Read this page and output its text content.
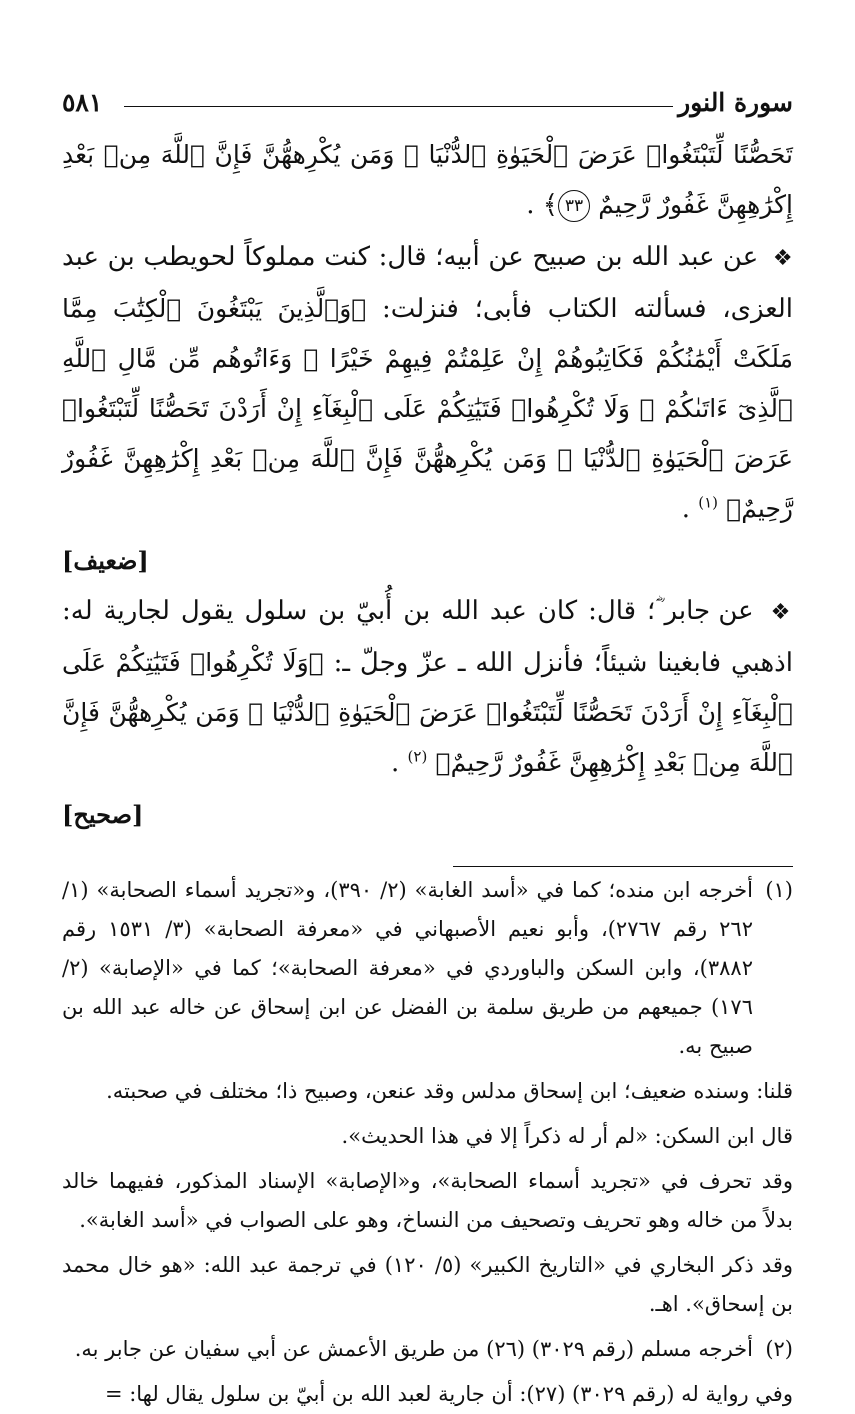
سورة النور
٥٨١

تَحَصُّنًا لِّتَبْتَغُوا۟ عَرَضَ ٱلْحَيَوٰةِ ٱلدُّنْيَا ۚ وَمَن يُكْرِههُّنَّ فَإِنَّ ٱللَّهَ مِنۢ بَعْدِ إِكْرَٰهِهِنَّ غَفُورٌ رَّحِيمٌ ٣٣﴾ .

❖ عن عبد الله بن صبيح عن أبيه؛ قال: كنت مملوكاً لحويطب بن عبد العزى، فسألته الكتاب فأبى؛ فنزلت: ﴿وَٱلَّذِينَ يَبْتَغُونَ ٱلْكِتَٰبَ مِمَّا مَلَكَتْ أَيْمَٰنُكُمْ فَكَاتِبُوهُمْ إِنْ عَلِمْتُمْ فِيهِمْ خَيْرًا ۖ وَءَاتُوهُم مِّن مَّالِ ٱللَّهِ ٱلَّذِىٓ ءَاتَىٰكُمْ ۚ وَلَا تُكْرِهُوا۟ فَتَيَٰتِكُمْ عَلَى ٱلْبِغَآءِ إِنْ أَرَدْنَ تَحَصُّنًا لِّتَبْتَغُوا۟ عَرَضَ ٱلْحَيَوٰةِ ٱلدُّنْيَا ۚ وَمَن يُكْرِههُّنَّ فَإِنَّ ٱللَّهَ مِنۢ بَعْدِ إِكْرَٰهِهِنَّ غَفُورٌ رَّحِيمٌ﴾ $^{(١)}$ .

[ضعيف]

❖ عن جابر ؓ؛ قال: كان عبد الله بن أُبيّ بن سلول يقول لجارية له: اذهبي فابغينا شيئاً؛ فأنزل الله ـ عزّ وجلّ ـ: ﴿وَلَا تُكْرِهُوا۟ فَتَيَٰتِكُمْ عَلَى ٱلْبِغَآءِ إِنْ أَرَدْنَ تَحَصُّنًا لِّتَبْتَغُوا۟ عَرَضَ ٱلْحَيَوٰةِ ٱلدُّنْيَا ۚ وَمَن يُكْرِههُّنَّ فَإِنَّ ٱللَّهَ مِنۢ بَعْدِ إِكْرَٰهِهِنَّ غَفُورٌ رَّحِيمٌ﴾ $^{(٢)}$ .

[صحيح]
(١)

أخرجه ابن منده؛ كما في «أسد الغابة» (٢/ ٣٩٠)، و«تجريد أسماء الصحابة» (١/ ٢٦٢ رقم ٢٧٦٧)، وأبو نعيم الأصبهاني في «معرفة الصحابة» (٣/ ١٥٣١ رقم ٣٨٨٢)، وابن السكن والباوردي في «معرفة الصحابة»؛ كما في «الإصابة» (٢/ ١٧٦) جميعهم من طريق سلمة بن الفضل عن ابن إسحاق عن خاله عبد الله بن صبيح به.

قلنا: وسنده ضعيف؛ ابن إسحاق مدلس وقد عنعن، وصبيح ذا؛ مختلف في صحبته.

قال ابن السكن: «لم أر له ذكراً إلا في هذا الحديث».

وقد تحرف في «تجريد أسماء الصحابة»، و«الإصابة» الإسناد المذكور، ففيهما خالد بدلاً من خاله وهو تحريف وتصحيف من النساخ، وهو على الصواب في «أسد الغابة».

وقد ذكر البخاري في «التاريخ الكبير» (٥/ ١٢٠) في ترجمة عبد الله: «هو خال محمد بن إسحاق». اهـ.

(٢)

أخرجه مسلم (رقم ٣٠٢٩) (٢٦) من طريق الأعمش عن أبي سفيان عن جابر به.

وفي رواية له (رقم ٣٠٢٩) (٢٧): أن جارية لعبد الله بن أبيّ بن سلول يقال لها: =
